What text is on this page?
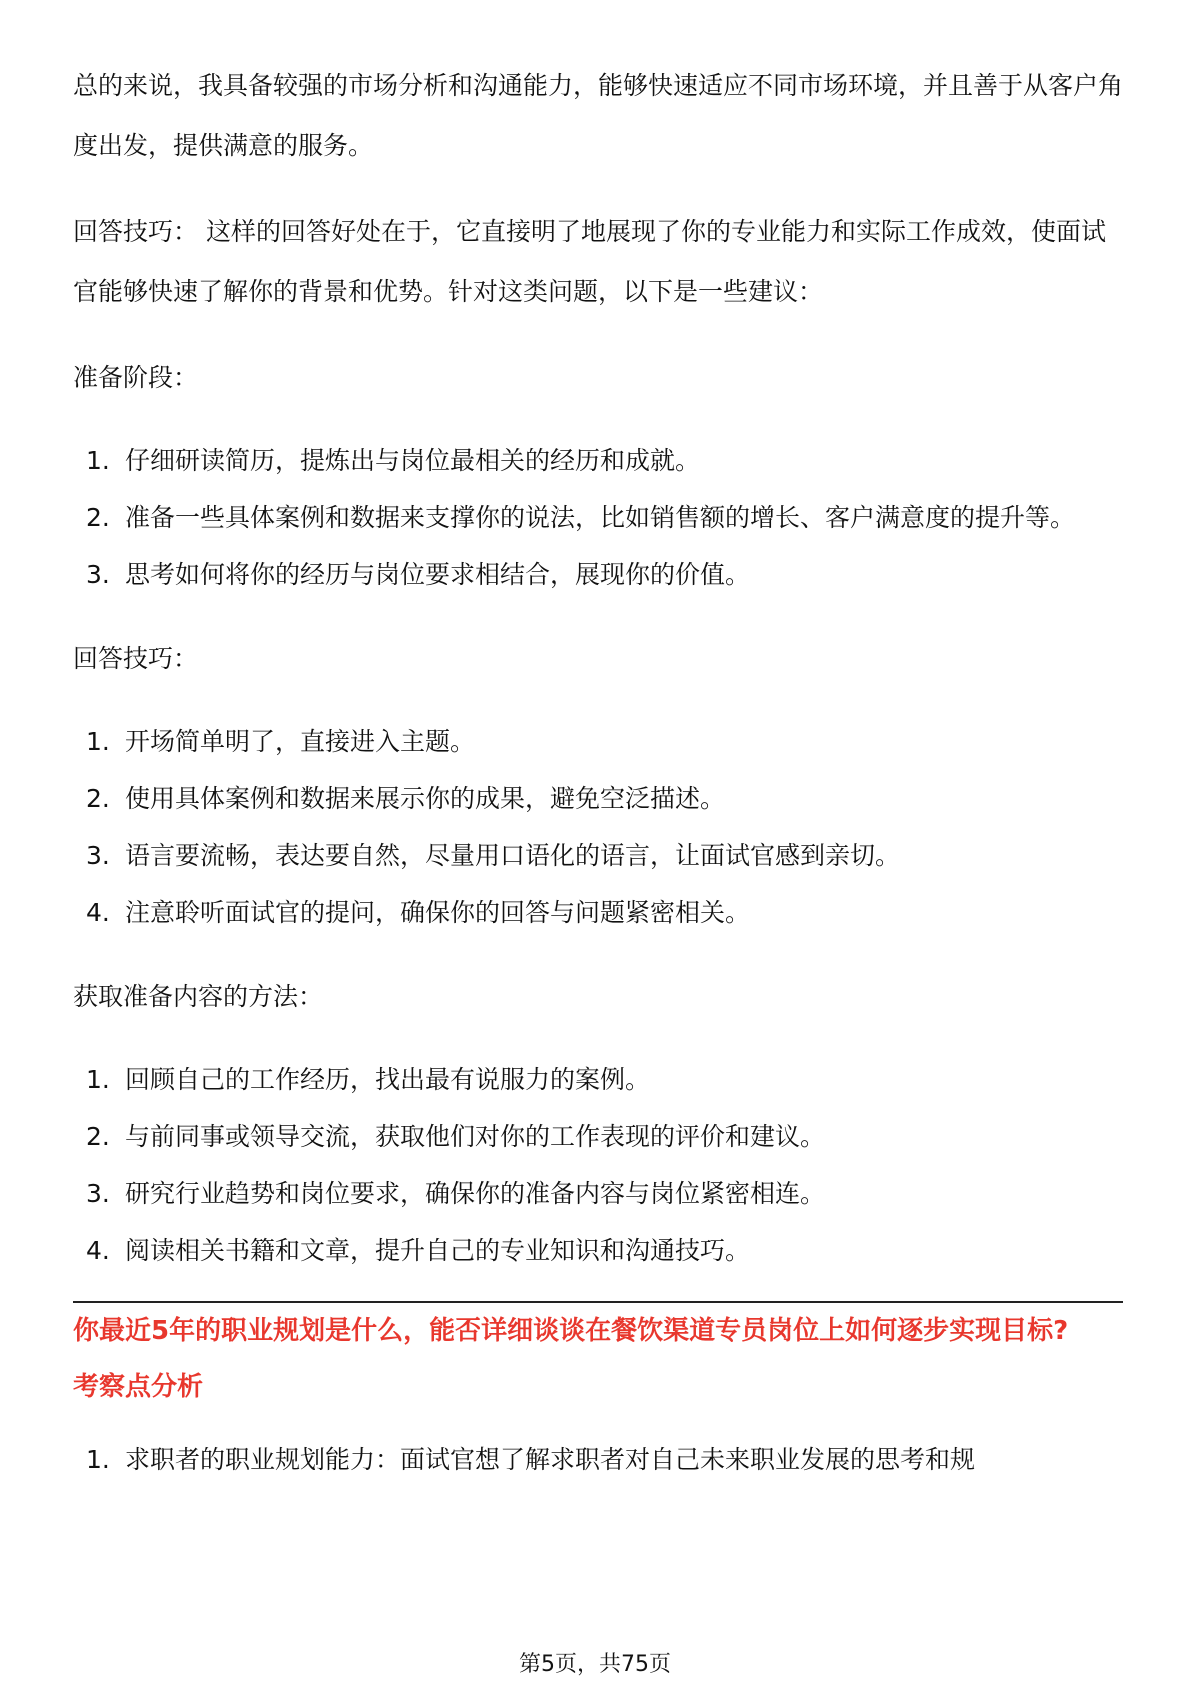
总的来说，我具备较强的市场分析和沟通能力，能够快速适应不同市场环境，并且善于从客户角度出发，提供满意的服务。

回答技巧： 这样的回答好处在于，它直接明了地展现了你的专业能力和实际工作成效，使面试官能够快速了解你的背景和优势。针对这类问题，以下是一些建议：

准备阶段：

1. 仔细研读简历，提炼出与岗位最相关的经历和成就。
2. 准备一些具体案例和数据来支撑你的说法，比如销售额的增长、客户满意度的提升等。
3. 思考如何将你的经历与岗位要求相结合，展现你的价值。

回答技巧：

1. 开场简单明了，直接进入主题。
2. 使用具体案例和数据来展示你的成果，避免空泛描述。
3. 语言要流畅，表达要自然，尽量用口语化的语言，让面试官感到亲切。
4. 注意聆听面试官的提问，确保你的回答与问题紧密相关。

获取准备内容的方法：

1. 回顾自己的工作经历，找出最有说服力的案例。
2. 与前同事或领导交流，获取他们对你的工作表现的评价和建议。
3. 研究行业趋势和岗位要求，确保你的准备内容与岗位紧密相连。
4. 阅读相关书籍和文章，提升自己的专业知识和沟通技巧。

你最近5年的职业规划是什么，能否详细谈谈在餐饮渠道专员岗位上如何逐步实现目标?

考察点分析

1. 求职者的职业规划能力：面试官想了解求职者对自己未来职业发展的思考和规
第5页，共75页
